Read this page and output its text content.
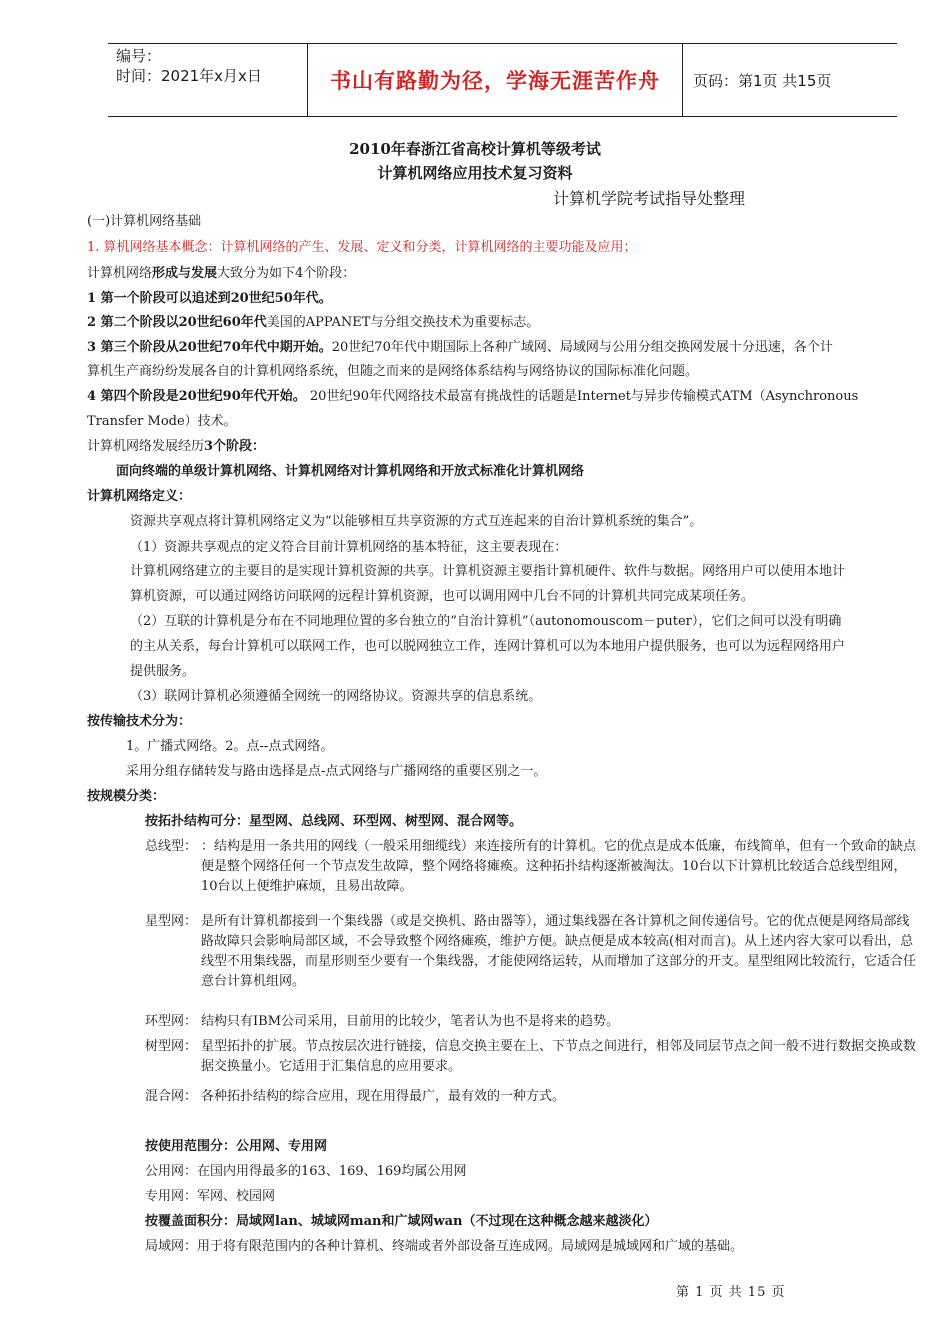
编号：
时间：2021年x月x日	书山有路勤为径，学海无涯苦作舟	页码：第1页 共15页
2010年春浙江省高校计算机等级考试
计算机网络应用技术复习资料
计算机学院考试指导处整理
(一)计算机网络基础
1. 算机网络基本概念：计算机网络的产生、发展、定义和分类，计算机网络的主要功能及应用；
计算机网络形成与发展大致分为如下4个阶段：
1 第一个阶段可以追述到20世纪50年代。
2 第二个阶段以20世纪60年代美国的APPANET与分组交换技术为重要标志。
3 第三个阶段从20世纪70年代中期开始。20世纪70年代中期国际上各种广域网、局域网与公用分组交换网发展十分迅速，各个计
算机生产商纷纷发展各自的计算机网络系统，但随之而来的是网络体系结构与网络协议的国际标准化问题。
4 第四个阶段是20世纪90年代开始。 20世纪90年代网络技术最富有挑战性的话题是Internet与异步传输模式ATM（Asynchronous
Transfer Mode）技术。
计算机网络发展经历3个阶段：
面向终端的单级计算机网络、计算机网络对计算机网络和开放式标准化计算机网络
计算机网络定义：
资源共享观点将计算机网络定义为“以能够相互共享资源的方式互连起来的自治计算机系统的集合”。
（1）资源共享观点的定义符合目前计算机网络的基本特征，这主要表现在：
计算机网络建立的主要目的是实现计算机资源的共享。计算机资源主要指计算机硬件、软件与数据。网络用户可以使用本地计
算机资源，可以通过网络访问联网的远程计算机资源，也可以调用网中几台不同的计算机共同完成某项任务。
（2）互联的计算机是分布在不同地理位置的多台独立的“自治计算机”（autonomouscom－puter），它们之间可以没有明确
的主从关系，每台计算机可以联网工作，也可以脱网独立工作，连网计算机可以为本地用户提供服务，也可以为远程网络用户
提供服务。
（3）联网计算机必须遵循全网统一的网络协议。资源共享的信息系统。
按传输技术分为：
1。广播式网络。2。点--点式网络。
采用分组存储转发与路由选择是点-点式网络与广播网络的重要区别之一。
按规模分类：
按拓扑结构可分：星型网、总线网、环型网、树型网、混合网等。
总线型： ：结构是用一条共用的网线（一般采用细缆线）来连接所有的计算机。它的优点是成本低廉，布线简单，但有一个致命的缺点便是整个网络任何一个节点发生故障，整个网络将瘫痪。这种拓扑结构逐渐被淘汰。10台以下计算机比较适合总线型组网，10台以上便维护麻烦，且易出故障。
星型网： 是所有计算机都接到一个集线器（或是交换机、路由器等），通过集线器在各计算机之间传递信号。它的优点便是网络局部线路故障只会影响局部区域，不会导致整个网络瘫痪，维护方便。缺点便是成本较高(相对而言)。从上述内容大家可以看出，总线型不用集线器，而星形则至少要有一个集线器，才能使网络运转，从而增加了这部分的开支。星型组网比较流行，它适合任意台计算机组网。
环型网： 结构只有IBM公司采用，目前用的比较少，笔者认为也不是将来的趋势。
树型网： 星型拓扑的扩展。节点按层次进行链接，信息交换主要在上、下节点之间进行，相邻及同层节点之间一般不进行数据交换或数据交换量小。它适用于汇集信息的应用要求。
混合网： 各种拓扑结构的综合应用，现在用得最广，最有效的一种方式。
按使用范围分：公用网、专用网
公用网：在国内用得最多的163、169、169均属公用网
专用网：军网、校园网
按覆盖面积分：局域网lan、城域网man和广域网wan（不过现在这种概念越来越淡化）
局域网：用于将有限范围内的各种计算机、终端或者外部设备互连成网。局域网是城域网和广域的基础。
第 1 页 共 15 页
